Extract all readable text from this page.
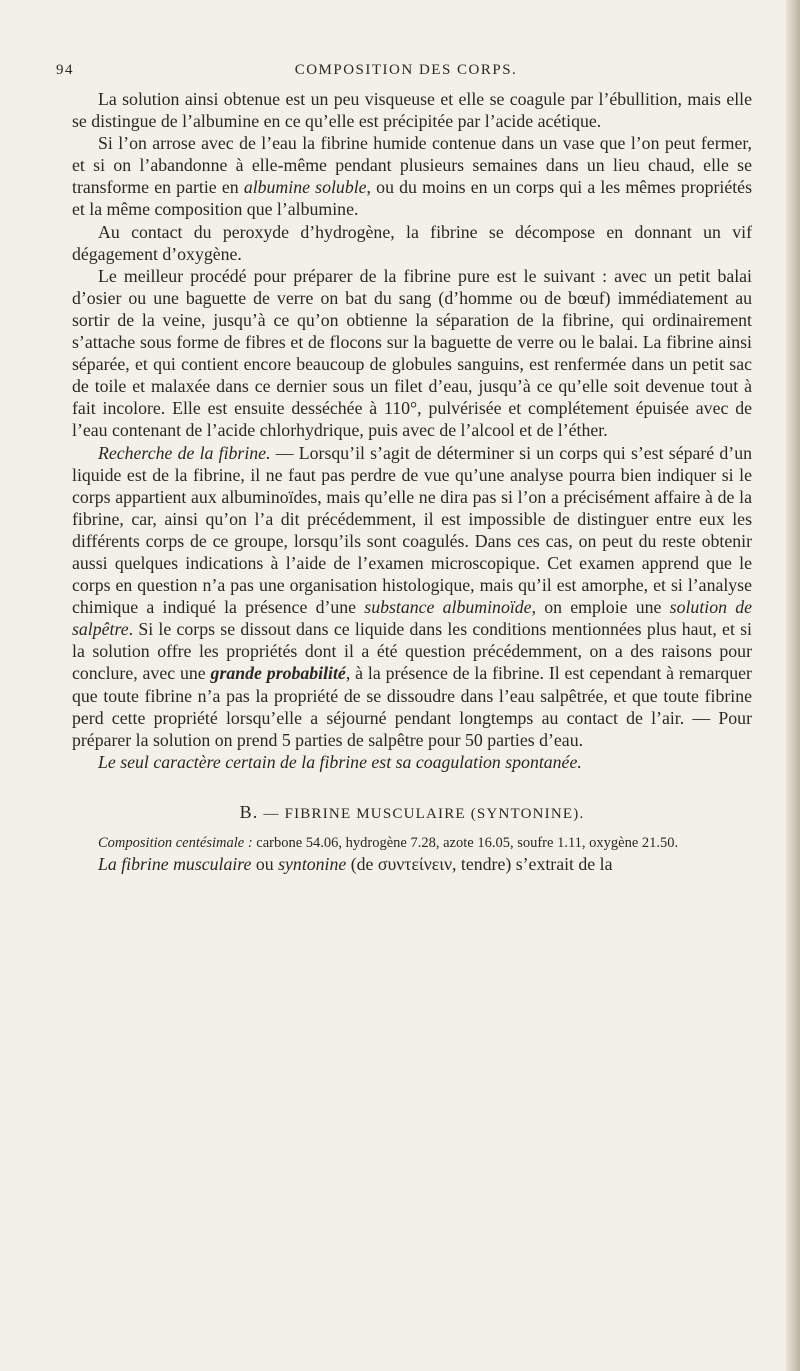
94	COMPOSITION DES CORPS.

La solution ainsi obtenue est un peu visqueuse et elle se coagule par l’ébullition, mais elle se distingue de l’albumine en ce qu’elle est précipitée par l’acide acétique.

Si l’on arrose avec de l’eau la fibrine humide contenue dans un vase que l’on peut fermer, et si on l’abandonne à elle-même pendant plusieurs semaines dans un lieu chaud, elle se transforme en partie en albumine soluble, ou du moins en un corps qui a les mêmes propriétés et la même composition que l’albumine.

Au contact du peroxyde d’hydrogène, la fibrine se décompose en donnant un vif dégagement d’oxygène.

Le meilleur procédé pour préparer de la fibrine pure est le suivant : avec un petit balai d’osier ou une baguette de verre on bat du sang (d’homme ou de bœuf) immédiatement au sortir de la veine, jusqu’à ce qu’on obtienne la séparation de la fibrine, qui ordinairement s’attache sous forme de fibres et de flocons sur la baguette de verre ou le balai. La fibrine ainsi séparée, et qui contient encore beaucoup de globules sanguins, est renfermée dans un petit sac de toile et malaxée dans ce dernier sous un filet d’eau, jusqu’à ce qu’elle soit devenue tout à fait incolore. Elle est ensuite desséchée à 110°, pulvérisée et complétement épuisée avec de l’eau contenant de l’acide chlorhydrique, puis avec de l’alcool et de l’éther.

Recherche de la fibrine. — Lorsqu’il s’agit de déterminer si un corps qui s’est séparé d’un liquide est de la fibrine, il ne faut pas perdre de vue qu’une analyse pourra bien indiquer si le corps appartient aux albuminoïdes, mais qu’elle ne dira pas si l’on a précisément affaire à de la fibrine, car, ainsi qu’on l’a dit précédemment, il est impossible de distinguer entre eux les différents corps de ce groupe, lorsqu’ils sont coagulés. Dans ces cas, on peut du reste obtenir aussi quelques indications à l’aide de l’examen microscopique. Cet examen apprend que le corps en question n’a pas une organisation histologique, mais qu’il est amorphe, et si l’analyse chimique a indiqué la présence d’une substance albuminoïde, on emploie une solution de salpêtre. Si le corps se dissout dans ce liquide dans les conditions mentionnées plus haut, et si la solution offre les propriétés dont il a été question précédemment, on a des raisons pour conclure, avec une grande probabilité, à la présence de la fibrine. Il est cependant à remarquer que toute fibrine n’a pas la propriété de se dissoudre dans l’eau salpêtrée, et que toute fibrine perd cette propriété lorsqu’elle a séjourné pendant longtemps au contact de l’air. — Pour préparer la solution on prend 5 parties de salpêtre pour 50 parties d’eau.

Le seul caractère certain de la fibrine est sa coagulation spontanée.

B. — FIBRINE MUSCULAIRE (SYNTONINE).

Composition centésimale : carbone 54.06, hydrogène 7.28, azote 16.05, soufre 1.11, oxygène 21.50.

La fibrine musculaire ou syntonine (de συντείνειν, tendre) s’extrait de la
